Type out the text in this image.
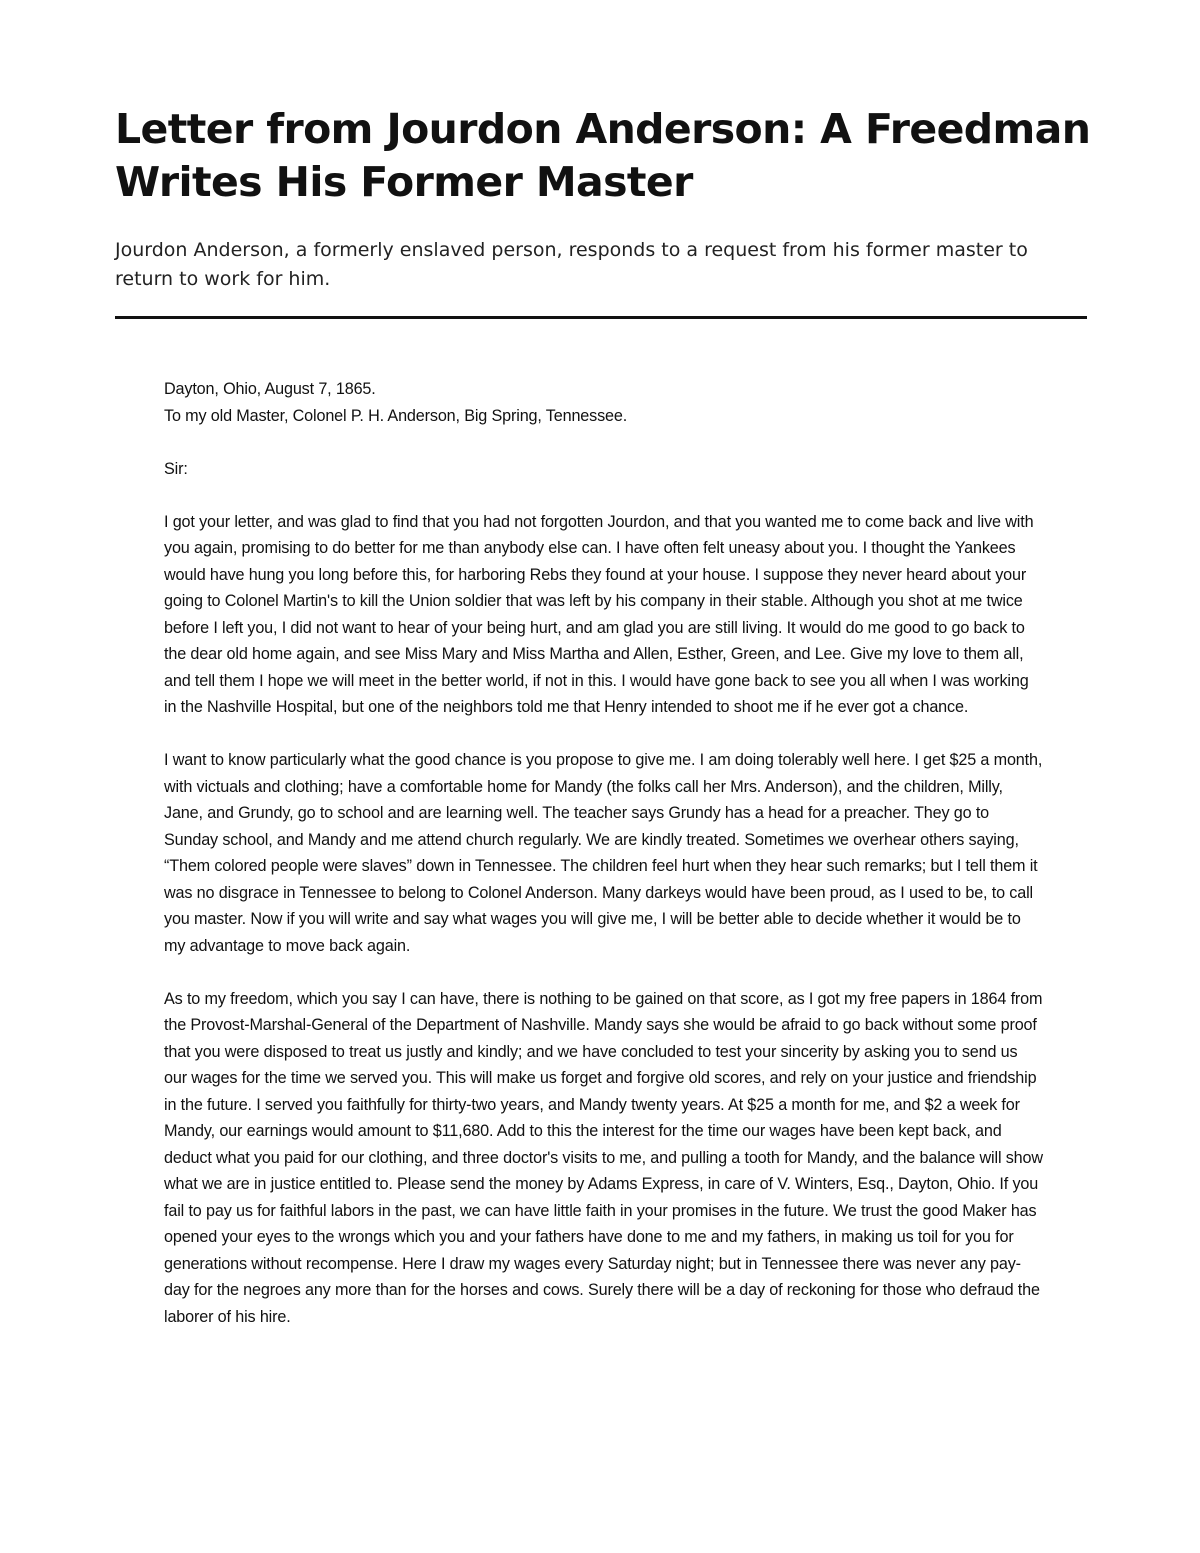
Letter from Jourdon Anderson: A Freedman Writes His Former Master

Jourdon Anderson, a formerly enslaved person, responds to a request from his former master to return to work for him.

Dayton, Ohio, August 7, 1865.

To my old Master, Colonel P. H. Anderson, Big Spring, Tennessee.

Sir:

I got your letter, and was glad to find that you had not forgotten Jourdon, and that you wanted me to come back and live with you again, promising to do better for me than anybody else can. I have often felt uneasy about you. I thought the Yankees would have hung you long before this, for harboring Rebs they found at your house. I suppose they never heard about your going to Colonel Martin's to kill the Union soldier that was left by his company in their stable. Although you shot at me twice before I left you, I did not want to hear of your being hurt, and am glad you are still living. It would do me good to go back to the dear old home again, and see Miss Mary and Miss Martha and Allen, Esther, Green, and Lee. Give my love to them all, and tell them I hope we will meet in the better world, if not in this. I would have gone back to see you all when I was working in the Nashville Hospital, but one of the neighbors told me that Henry intended to shoot me if he ever got a chance.

I want to know particularly what the good chance is you propose to give me. I am doing tolerably well here. I get $25 a month, with victuals and clothing; have a comfortable home for Mandy (the folks call her Mrs. Anderson), and the children, Milly, Jane, and Grundy, go to school and are learning well. The teacher says Grundy has a head for a preacher. They go to Sunday school, and Mandy and me attend church regularly. We are kindly treated. Sometimes we overhear others saying, “Them colored people were slaves” down in Tennessee. The children feel hurt when they hear such remarks; but I tell them it was no disgrace in Tennessee to belong to Colonel Anderson. Many darkeys would have been proud, as I used to be, to call you master. Now if you will write and say what wages you will give me, I will be better able to decide whether it would be to my advantage to move back again.

As to my freedom, which you say I can have, there is nothing to be gained on that score, as I got my free papers in 1864 from the Provost-Marshal-General of the Department of Nashville. Mandy says she would be afraid to go back without some proof that you were disposed to treat us justly and kindly; and we have concluded to test your sincerity by asking you to send us our wages for the time we served you. This will make us forget and forgive old scores, and rely on your justice and friendship in the future. I served you faithfully for thirty-two years, and Mandy twenty years. At $25 a month for me, and $2 a week for Mandy, our earnings would amount to $11,680. Add to this the interest for the time our wages have been kept back, and deduct what you paid for our clothing, and three doctor's visits to me, and pulling a tooth for Mandy, and the balance will show what we are in justice entitled to. Please send the money by Adams Express, in care of V. Winters, Esq., Dayton, Ohio. If you fail to pay us for faithful labors in the past, we can have little faith in your promises in the future. We trust the good Maker has opened your eyes to the wrongs which you and your fathers have done to me and my fathers, in making us toil for you for generations without recompense. Here I draw my wages every Saturday night; but in Tennessee there was never any pay-day for the negroes any more than for the horses and cows. Surely there will be a day of reckoning for those who defraud the laborer of his hire.
